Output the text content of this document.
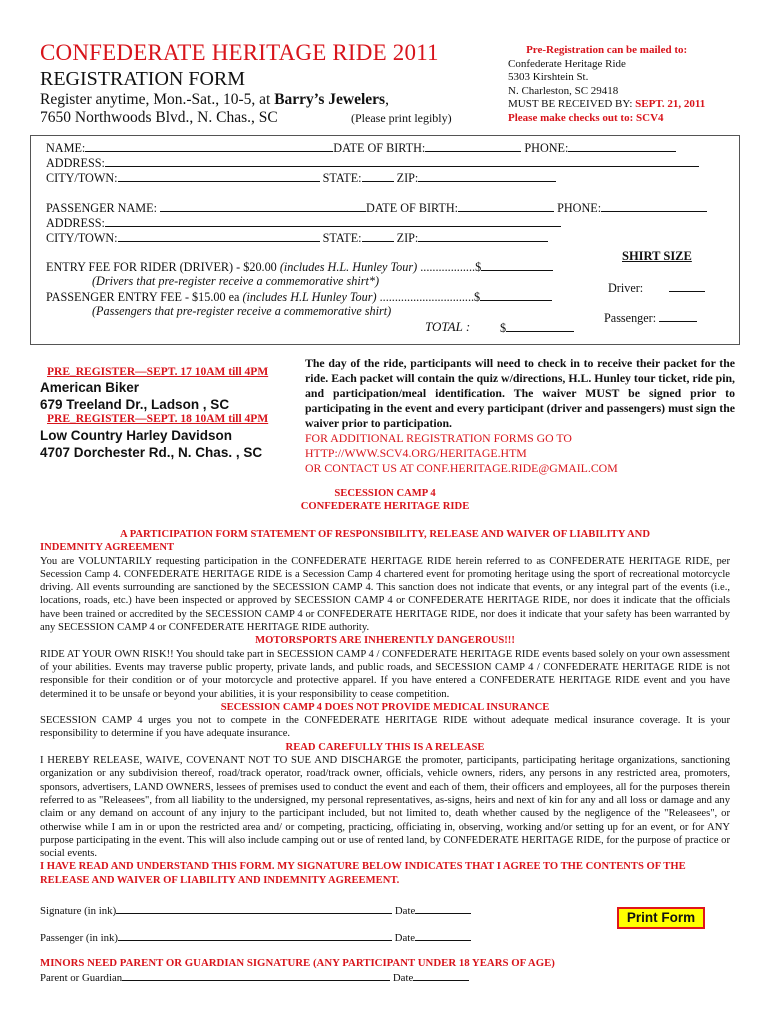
CONFEDERATE HERITAGE RIDE 2011
REGISTRATION FORM
Register anytime, Mon.-Sat., 10-5, at Barry’s Jewelers,
7650 Northwoods Blvd., N. Chas., SC	(Please print legibly)
Pre-Registration can be mailed to:
Confederate Heritage Ride
5303 Kirshtein St.
N. Charleston, SC 29418
MUST BE RECEIVED BY: SEPT. 21, 2011
Please make checks out to: SCV4
NAME:	DATE OF BIRTH:	PHONE:
ADDRESS:
CITY/TOWN:	STATE:	ZIP:
PASSENGER NAME:	DATE OF BIRTH:	PHONE:
ADDRESS:
CITY/TOWN:	STATE:	ZIP:
ENTRY FEE FOR RIDER (DRIVER) - $20.00 (includes H.L. Hunley Tour) ..................$
(Drivers that pre-register receive a commemorative shirt*)
PASSENGER ENTRY FEE - $15.00 ea (includes H.L Hunley Tour) ...............................$
(Passengers that pre-register receive a commemorative shirt)
TOTAL : $
SHIRT SIZE
Driver:
Passenger:
PRE_REGISTER—SEPT. 17 10AM till 4PM
American Biker
679 Treeland Dr., Ladson , SC
PRE_REGISTER—SEPT. 18 10AM till 4PM
Low Country Harley Davidson
4707 Dorchester Rd., N. Chas. , SC

The day of the ride, participants will need to check in to receive their packet for the ride. Each packet will contain the quiz w/directions, H.L. Hunley tour ticket, ride pin, and participation/meal identification. The waiver MUST be signed prior to participating in the event and every participant (driver and passengers) must sign the waiver prior to participation.

FOR ADDITIONAL REGISTRATION FORMS GO TO

HTTP://WWW.SCV4.ORG/HERITAGE.HTM

OR CONTACT US AT CONF.HERITAGE.RIDE@GMAIL.COM

SECESSION CAMP 4
CONFEDERATE HERITAGE RIDE

A PARTICIPATION FORM STATEMENT OF RESPONSIBILITY, RELEASE AND WAIVER OF LIABILITY AND

INDEMNITY AGREEMENT

You are VOLUNTARILY requesting participation in the CONFEDERATE HERITAGE RIDE herein referred to as CONFEDERATE HERITAGE RIDE, per Secession Camp 4. CONFEDERATE HERITAGE RIDE is a Secession Camp 4 chartered event for promoting heritage using the sport of recreational motorcycle driving. All events surrounding are sanctioned by the SECESSION CAMP 4. This sanction does not indicate that events, or any integral part of the events (i.e., locations, roads, etc.) have been inspected or approved by SECESSION CAMP 4 or CONFEDERATE HERITAGE RIDE, nor does it indicate that the officials have been trained or accredited by the SECESSION CAMP 4 or CONFEDERATE HERITAGE RIDE, nor does it indicate that your safety has been warranted by any SECESSION CAMP 4 or CONFEDERATE HERITAGE RIDE authority.

MOTORSPORTS ARE INHERENTLY DANGEROUS!!!

RIDE AT YOUR OWN RISK!! You should take part in SECESSION CAMP 4 / CONFEDERATE HERITAGE RIDE events based solely on your own assessment of your abilities. Events may traverse public property, private lands, and public roads, and SECESSION CAMP 4 / CONFEDERATE HERITAGE RIDE is not responsible for their condition or of your motorcycle and protective apparel. If you have entered a CONFEDERATE HERITAGE RIDE event and you have determined it to be unsafe or beyond your abilities, it is your responsibility to cease competition.

SECESSION CAMP 4 DOES NOT PROVIDE MEDICAL INSURANCE

SECESSION CAMP 4 urges you not to compete in the CONFEDERATE HERITAGE RIDE without adequate medical insurance coverage. It is your responsibility to determine if you have adequate insurance.

READ CAREFULLY THIS IS A RELEASE

I HEREBY RELEASE, WAIVE, COVENANT NOT TO SUE AND DISCHARGE the promoter, participants, participating heritage organizations, sanctioning organization or any subdivision thereof, road/track operator, road/track owner, officials, vehicle owners, riders, any persons in any restricted area, promoters, sponsors, advertisers, LAND OWNERS, lessees of premises used to conduct the event and each of them, their officers and employees, all for the purposes therein referred to as "Releasees", from all liability to the undersigned, my personal representatives, as-signs, heirs and next of kin for any and all loss or damage and any claim or any demand on account of any injury to the participant included, but not limited to, death whether caused by the negligence of the "Releasees", or otherwise while I am in or upon the restricted area and/ or competing, practicing, officiating in, observing, working and/or setting up for an event, or for ANY purpose participating in the event. This will also include camping out or use of rented land, by CONFEDERATE HERITAGE RIDE, for the purpose of practice or social events.

I HAVE READ AND UNDERSTAND THIS FORM. MY SIGNATURE BELOW INDICATES THAT I AGREE TO THE CONTENTS OF THE RELEASE AND WAIVER OF LIABILITY AND INDEMNITY AGREEMENT.

Signature (in ink)	Date
Passenger (in ink)	Date
MINORS NEED PARENT OR GUARDIAN SIGNATURE (ANY PARTICIPANT UNDER 18 YEARS OF AGE)
Parent or Guardian	Date
Print Form
